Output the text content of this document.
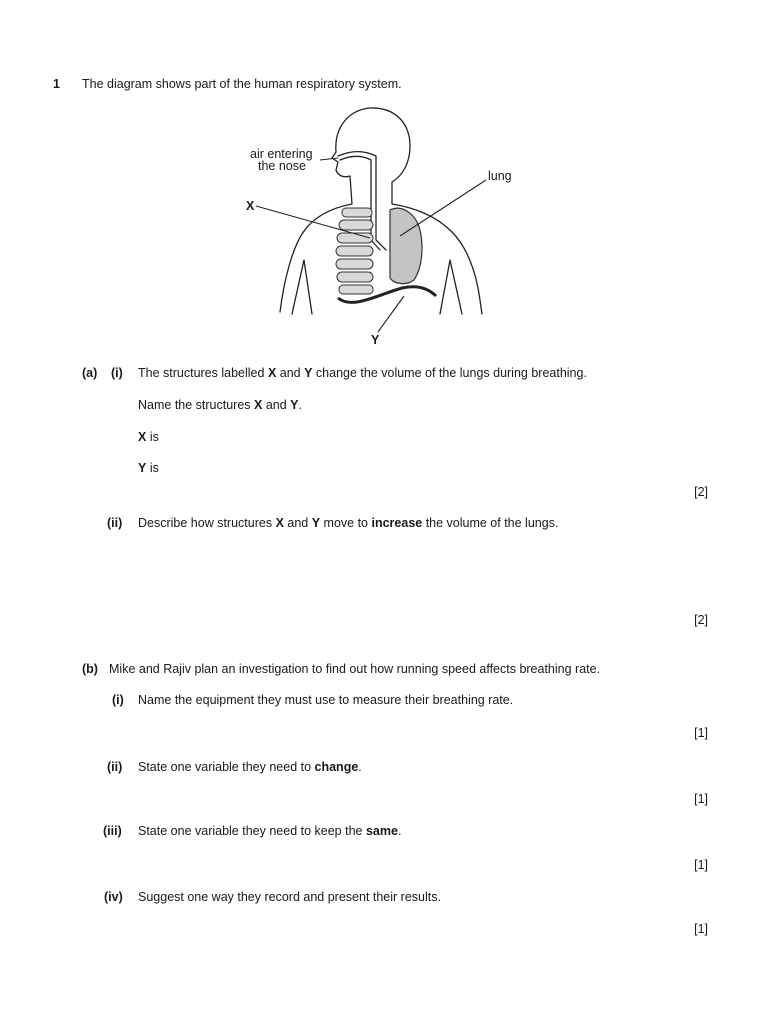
1 The diagram shows part of the human respiratory system.
air entering
the nose
lung
X
Y
(a) (i) The structures labelled X and Y change the volume of the lungs during breathing.
Name the structures X and Y.
X is
Y is
[2]
(ii) Describe how structures X and Y move to increase the volume of the lungs.
[2]
(b) Mike and Rajiv plan an investigation to find out how running speed affects breathing rate.
(i) Name the equipment they must use to measure their breathing rate.
[1]
(ii) State one variable they need to change.
[1]
(iii) State one variable they need to keep the same.
[1]
(iv) Suggest one way they record and present their results.
[1]
